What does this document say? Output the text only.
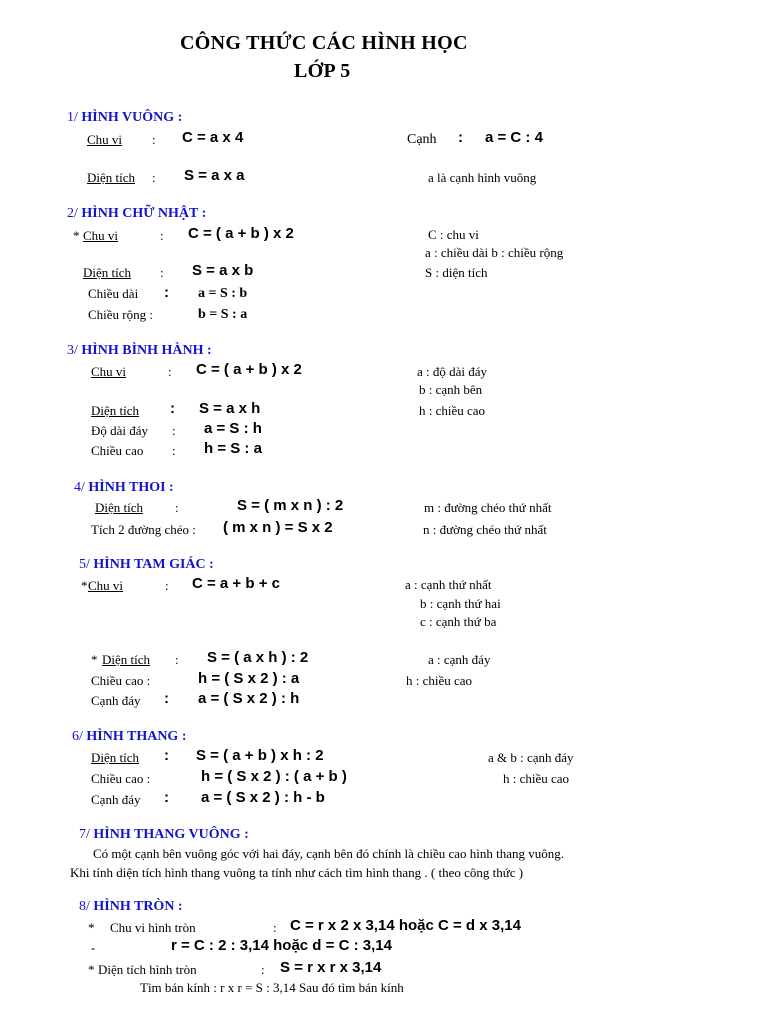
CÔNG THỨC CÁC HÌNH HỌC
LỚP 5
1/ HÌNH VUÔNG :
Chu vi : C = a x 4	Cạnh : a = C : 4
Diện tích : S = a x a	a là cạnh hình vuông
2/ HÌNH CHỮ NHẬT :
* Chu vi	: C = ( a + b ) x 2	C : chu vi
a : chiều dài b : chiều rộng
Diện tích : S = a x b	S : diện tích
Chiều dài : a = S : b
Chiều rộng :	b = S : a
3/ HÌNH BÌNH HÀNH :
Chu vi	: C = ( a + b ) x 2	a : độ dài đáy
b : cạnh bên
Diện tích : S = a x h	h : chiều cao
Độ dài đáy : a = S : h
Chiều cao : h = S : a
4/ HÌNH THOI :
Diện tích :	S = ( m x n ) : 2	m : đường chéo thứ nhất
Tích 2 đường chéo : ( m x n ) = S x 2	n : đường chéo thứ nhất
5/ HÌNH TAM GIÁC :
* Chu vi	: C = a + b + c	a : cạnh thứ nhất
b : cạnh thứ hai
c : cạnh thứ ba
* Diện tích : S = ( a x h ) : 2	a : cạnh đáy
Chiều cao :	h = ( S x 2 ) : a	h : chiều cao
Cạnh đáy : a = ( S x 2 ) : h
6/ HÌNH THANG :
Diện tích : S = ( a + b ) x h : 2	a & b : cạnh đáy
Chiều cao :	h = ( S x 2 ) : ( a + b )	h : chiều cao
Cạnh đáy : a = ( S x 2 ) : h - b
7/ HÌNH THANG VUÔNG :
Có một cạnh bên vuông góc với hai đáy, cạnh bên đó chính là chiều cao hình thang vuông.
Khi tính diện tích hình thang vuông ta tính như cách tìm hình thang . ( theo công thức )
8/ HÌNH TRÒN :
* Chu vi hình tròn	: C = r x 2 x 3,14 hoặc C = d x 3,14
-	r = C : 2 : 3,14 hoặc d = C : 3,14
* Diện tích hình tròn	: S = r x r x 3,14
Tìm bán kính : r x r = S : 3,14 Sau đó tìm bán kính
